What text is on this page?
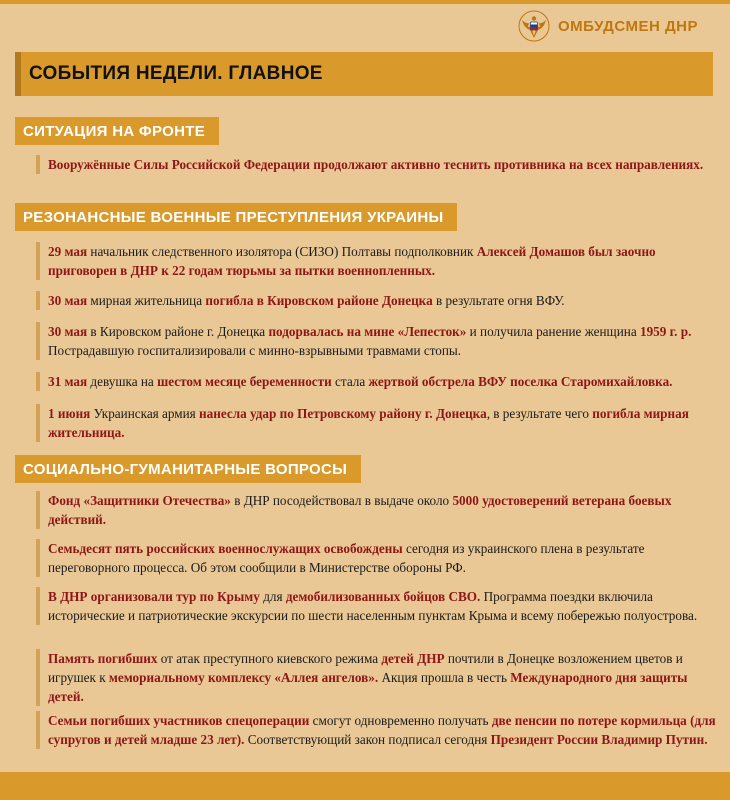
ОМБУДСМЕН ДНР
СОБЫТИЯ НЕДЕЛИ. ГЛАВНОЕ
СИТУАЦИЯ НА ФРОНТЕ
Вооружённые Силы Российской Федерации продолжают активно теснить противника на всех направлениях.
РЕЗОНАНСНЫЕ ВОЕННЫЕ ПРЕСТУПЛЕНИЯ УКРАИНЫ
29 мая начальник следственного изолятора (СИЗО) Полтавы подполковник Алексей Домашов был заочно приговорен в ДНР к 22 годам тюрьмы за пытки военнопленных.
30 мая мирная жительница погибла в Кировском районе Донецка в результате огня ВФУ.
30 мая в Кировском районе г. Донецка подорвалась на мине «Лепесток» и получила ранение женщина 1959 г. р. Пострадавшую госпитализировали с минно-взрывными травмами стопы.
31 мая девушка на шестом месяце беременности стала жертвой обстрела ВФУ поселка Старомихайловка.
1 июня Украинская армия нанесла удар по Петровскому району г. Донецка, в результате чего погибла мирная жительница.
СОЦИАЛЬНО-ГУМАНИТАРНЫЕ ВОПРОСЫ
Фонд «Защитники Отечества» в ДНР посодействовал в выдаче около 5000 удостоверений ветерана боевых действий.
Семьдесят пять российских военнослужащих освобождены сегодня из украинского плена в результате переговорного процесса. Об этом сообщили в Министерстве обороны РФ.
В ДНР организовали тур по Крыму для демобилизованных бойцов СВО. Программа поездки включила исторические и патриотические экскурсии по шести населенным пунктам Крыма и всему побережью полуострова.
Память погибших от атак преступного киевского режима детей ДНР почтили в Донецке возложением цветов и игрушек к мемориальному комплексу «Аллея ангелов». Акция прошла в честь Международного дня защиты детей.
Семьи погибших участников спецоперации смогут одновременно получать две пенсии по потере кормильца (для супругов и детей младше 23 лет). Соответствующий закон подписал сегодня Президент России Владимир Путин.
